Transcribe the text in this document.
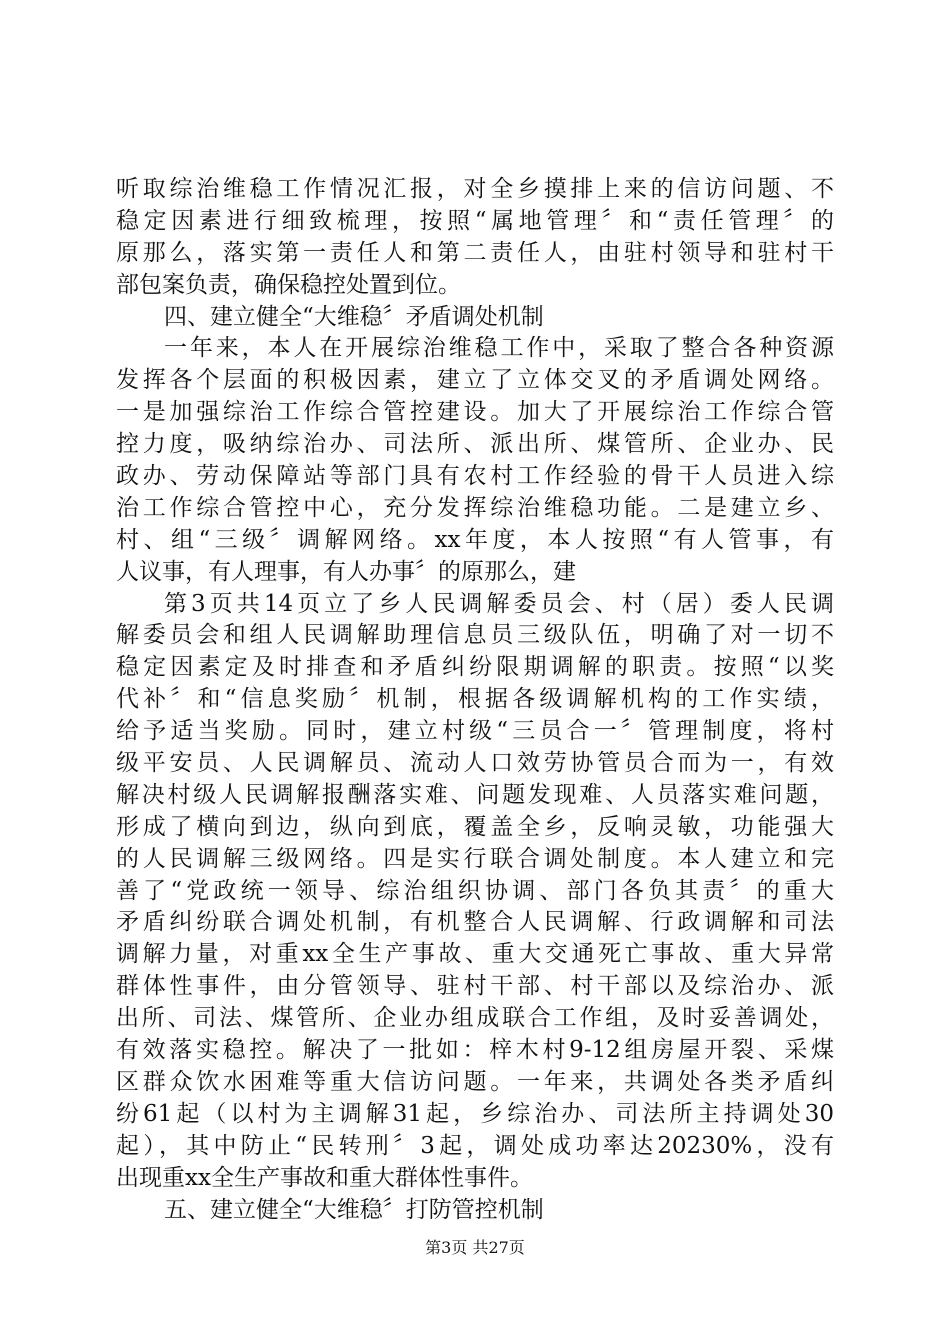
听取综治维稳工作情况汇报，对全乡摸排上来的信访问题、不
稳定因素进行细致梳理，按照“属地管理〞和“责任管理〞的
原那么，落实第一责任人和第二责任人，由驻村领导和驻村干
部包案负责，确保稳控处置到位。
四、建立健全“大维稳〞矛盾调处机制
一年来，本人在开展综治维稳工作中，采取了整合各种资源
发挥各个层面的积极因素，建立了立体交叉的矛盾调处网络。
一是加强综治工作综合管控建设。加大了开展综治工作综合管
控力度，吸纳综治办、司法所、派出所、煤管所、企业办、民
政办、劳动保障站等部门具有农村工作经验的骨干人员进入综
治工作综合管控中心，充分发挥综治维稳功能。二是建立乡、
村、组“三级〞调解网络。xx年度，本人按照“有人管事，有
人议事，有人理事，有人办事〞的原那么，建
第3页共14页立了乡人民调解委员会、村（居）委人民调
解委员会和组人民调解助理信息员三级队伍，明确了对一切不
稳定因素定及时排查和矛盾纠纷限期调解的职责。按照“以奖
代补〞和“信息奖励〞机制，根据各级调解机构的工作实绩，
给予适当奖励。同时，建立村级“三员合一〞管理制度，将村
级平安员、人民调解员、流动人口效劳协管员合而为一，有效
解决村级人民调解报酬落实难、问题发现难、人员落实难问题，
形成了横向到边，纵向到底，覆盖全乡，反响灵敏，功能强大
的人民调解三级网络。四是实行联合调处制度。本人建立和完
善了“党政统一领导、综治组织协调、部门各负其责〞的重大
矛盾纠纷联合调处机制，有机整合人民调解、行政调解和司法
调解力量，对重xx全生产事故、重大交通死亡事故、重大异常
群体性事件，由分管领导、驻村干部、村干部以及综治办、派
出所、司法、煤管所、企业办组成联合工作组，及时妥善调处，
有效落实稳控。解决了一批如：梓木村9-12组房屋开裂、采煤
区群众饮水困难等重大信访问题。一年来，共调处各类矛盾纠
纷61起（以村为主调解31起，乡综治办、司法所主持调处30
起），其中防止“民转刑〞3起，调处成功率达20230%，没有
出现重xx全生产事故和重大群体性事件。
五、建立健全“大维稳〞打防管控机制
第3页 共27页
